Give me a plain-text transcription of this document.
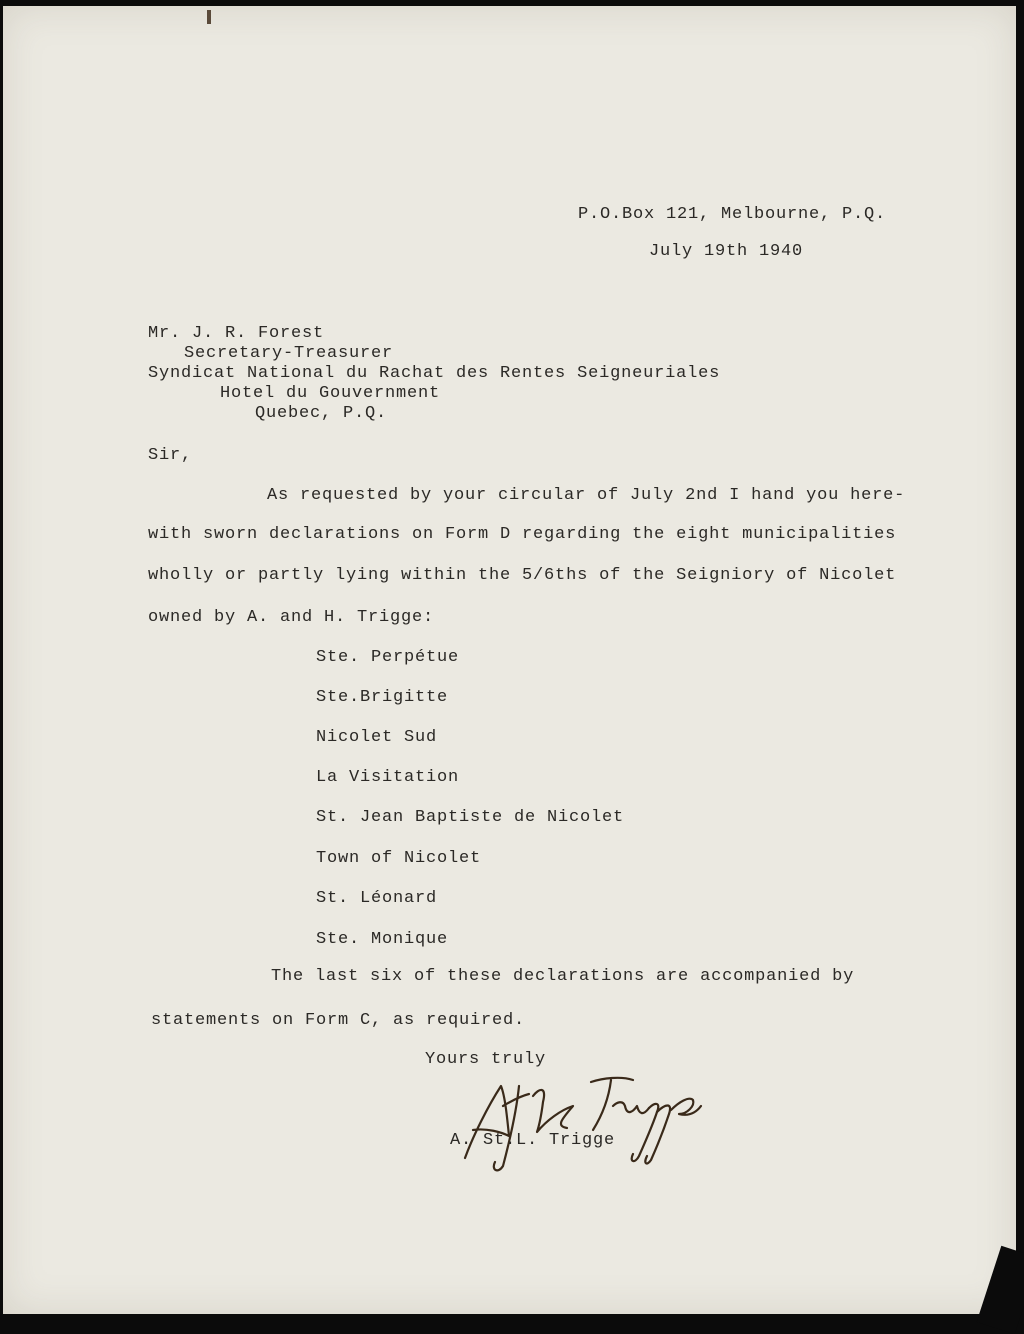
P.O.Box 121, Melbourne, P.Q.
July 19th 1940
Mr. J. R. Forest
Secretary-Treasurer
Syndicat National du Rachat des Rentes Seigneuriales
Hotel du Gouvernment
Quebec, P.Q.
Sir,
As requested by your circular of July 2nd I hand you here-
with sworn declarations on Form D regarding the eight municipalities
wholly or partly lying within the 5/6ths of the Seigniory of Nicolet
owned by A. and H. Trigge:
Ste. Perpétue
Ste.Brigitte
Nicolet Sud
La Visitation
St. Jean Baptiste de Nicolet
Town of Nicolet
St. Léonard
Ste. Monique
The last six of these declarations are accompanied by
statements on Form C, as required.
Yours truly
A. St.L. Trigge
